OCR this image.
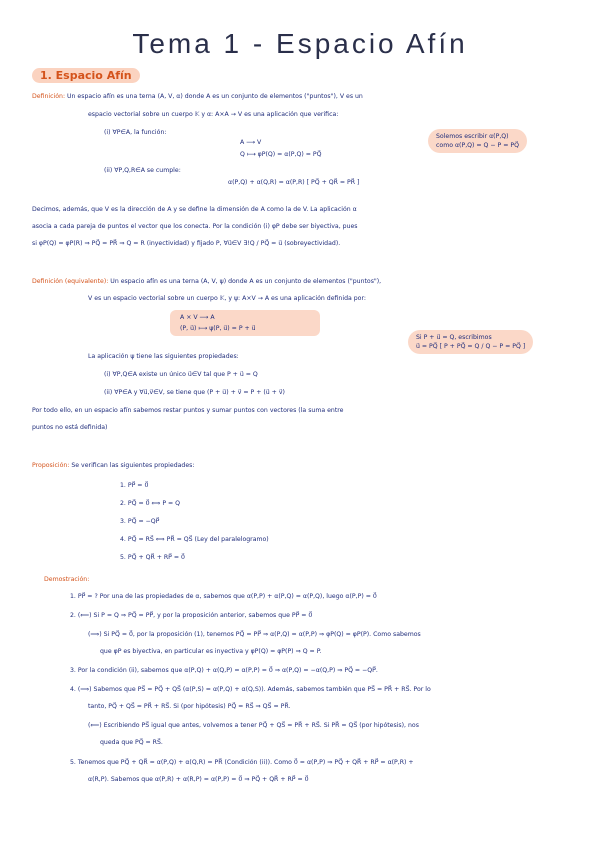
Tema 1 - Espacio Afín
1. Espacio Afín
Definición: Un espacio afín es una terna (A, V, α) donde A es un conjunto de elementos ("puntos"), V es un
espacio vectorial sobre un cuerpo 𝕂 y α: A×A → V es una aplicación que verifica:
(i) ∀P∈A, la función:
A ⟶ V
Q ⟼ φP(Q) = α(P,Q) = PQ⃗
Solemos escribir α(P,Q)
como α(P,Q) = Q − P = PQ⃗
(ii) ∀P,Q,R∈A se cumple:
α(P,Q) + α(Q,R) = α(P,R) [ PQ⃗ + QR⃗ = PR⃗ ]
Decimos, además, que V es la dirección de A y se define la dimensión de A como la de V. La aplicación α
asocia a cada pareja de puntos el vector que los conecta. Por la condición (i) φP debe ser biyectiva, pues
si φP(Q) = φP(R) ⇒ PQ⃗ = PR⃗ ⇒ Q = R (inyectividad) y fijado P, ∀u⃗∈V ∃!Q / PQ⃗ = u⃗ (sobreyectividad).
Definición (equivalente): Un espacio afín es una terna (A, V, ψ) donde A es un conjunto de elementos ("puntos"),
V es un espacio vectorial sobre un cuerpo 𝕂, y ψ: A×V → A es una aplicación definida por:
A × V ⟶ A
(P, u⃗) ⟼ ψ(P, u⃗) = P + u⃗
Si P + u⃗ = Q, escribimos
u⃗ = PQ⃗ [ P + PQ⃗ = Q / Q − P = PQ⃗ ]
La aplicación ψ tiene las siguientes propiedades:
(i) ∀P,Q∈A existe un único u⃗∈V tal que P + u⃗ = Q
(ii) ∀P∈A y ∀u⃗,v⃗∈V, se tiene que (P + u⃗) + v⃗ = P + (u⃗ + v⃗)
Por todo ello, en un espacio afín sabemos restar puntos y sumar puntos con vectores (la suma entre
puntos no está definida)
Proposición: Se verifican las siguientes propiedades:
1. PP⃗ = 0⃗
2. PQ⃗ = 0⃗ ⟺ P = Q
3. PQ⃗ = −QP⃗
4. PQ⃗ = RS⃗ ⟺ PR⃗ = QS⃗ (Ley del paralelogramo)
5. PQ⃗ + QR⃗ + RP⃗ = 0⃗
Demostración:
1. PP⃗ = ? Por una de las propiedades de α, sabemos que α(P,P) + α(P,Q) = α(P,Q), luego α(P,P) = 0⃗
2. (⟸) Si P = Q ⇒ PQ⃗ = PP⃗, y por la proposición anterior, sabemos que PP⃗ = 0⃗
(⟹) Si PQ⃗ = 0⃗, por la proposición (1), tenemos PQ⃗ = PP⃗ ⇒ α(P,Q) = α(P,P) ⇒ φP(Q) = φP(P). Como sabemos
que φP es biyectiva, en particular es inyectiva y φP(Q) = φP(P) ⇒ Q = P.
3. Por la condición (ii), sabemos que α(P,Q) + α(Q,P) = α(P,P) = 0⃗ ⇒ α(P,Q) = −α(Q,P) ⇒ PQ⃗ = −QP⃗.
4. (⟹) Sabemos que PS⃗ = PQ⃗ + QS⃗ (α(P,S) = α(P,Q) + α(Q,S)). Además, sabemos también que PS⃗ = PR⃗ + RS⃗. Por lo
tanto, PQ⃗ + QS⃗ = PR⃗ + RS⃗. Si (por hipótesis) PQ⃗ = RS⃗ ⇒ QS⃗ = PR⃗.
(⟸) Escribiendo PS⃗ igual que antes, volvemos a tener PQ⃗ + QS⃗ = PR⃗ + RS⃗. Si PR⃗ = QS⃗ (por hipótesis), nos
queda que PQ⃗ = RS⃗.
5. Tenemos que PQ⃗ + QR⃗ = α(P,Q) + α(Q,R) = PR⃗ (Condición (ii)). Como 0⃗ = α(P,P) ⇒ PQ⃗ + QR⃗ + RP⃗ = α(P,R) +
α(R,P). Sabemos que α(P,R) + α(R,P) = α(P,P) = 0⃗ ⇒ PQ⃗ + QR⃗ + RP⃗ = 0⃗
